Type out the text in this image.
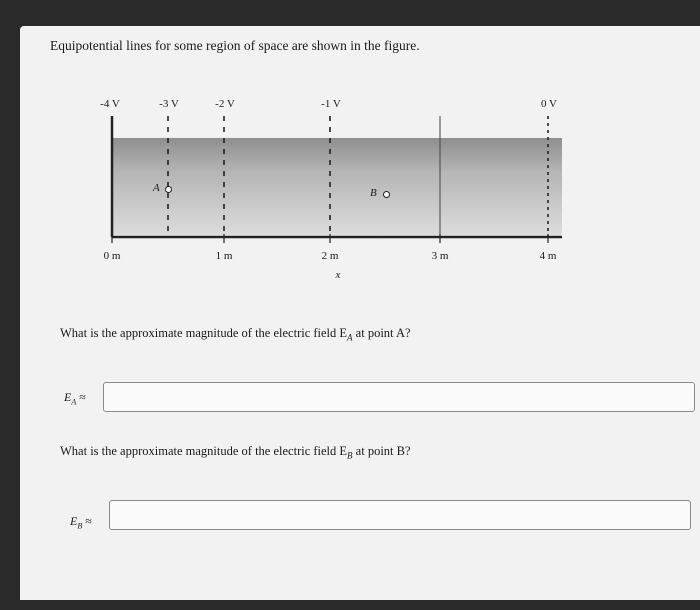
Equipotential lines for some region of space are shown in the figure.
-4 V	-3 V	-2 V	-1 V	0 V
0 m	1 m	2 m	3 m	4 m
x
A	B
What is the approximate magnitude of the electric field $E_A$ at point A?
$E_A$ ≈
What is the approximate magnitude of the electric field $E_B$ at point B?
$E_B$ ≈
